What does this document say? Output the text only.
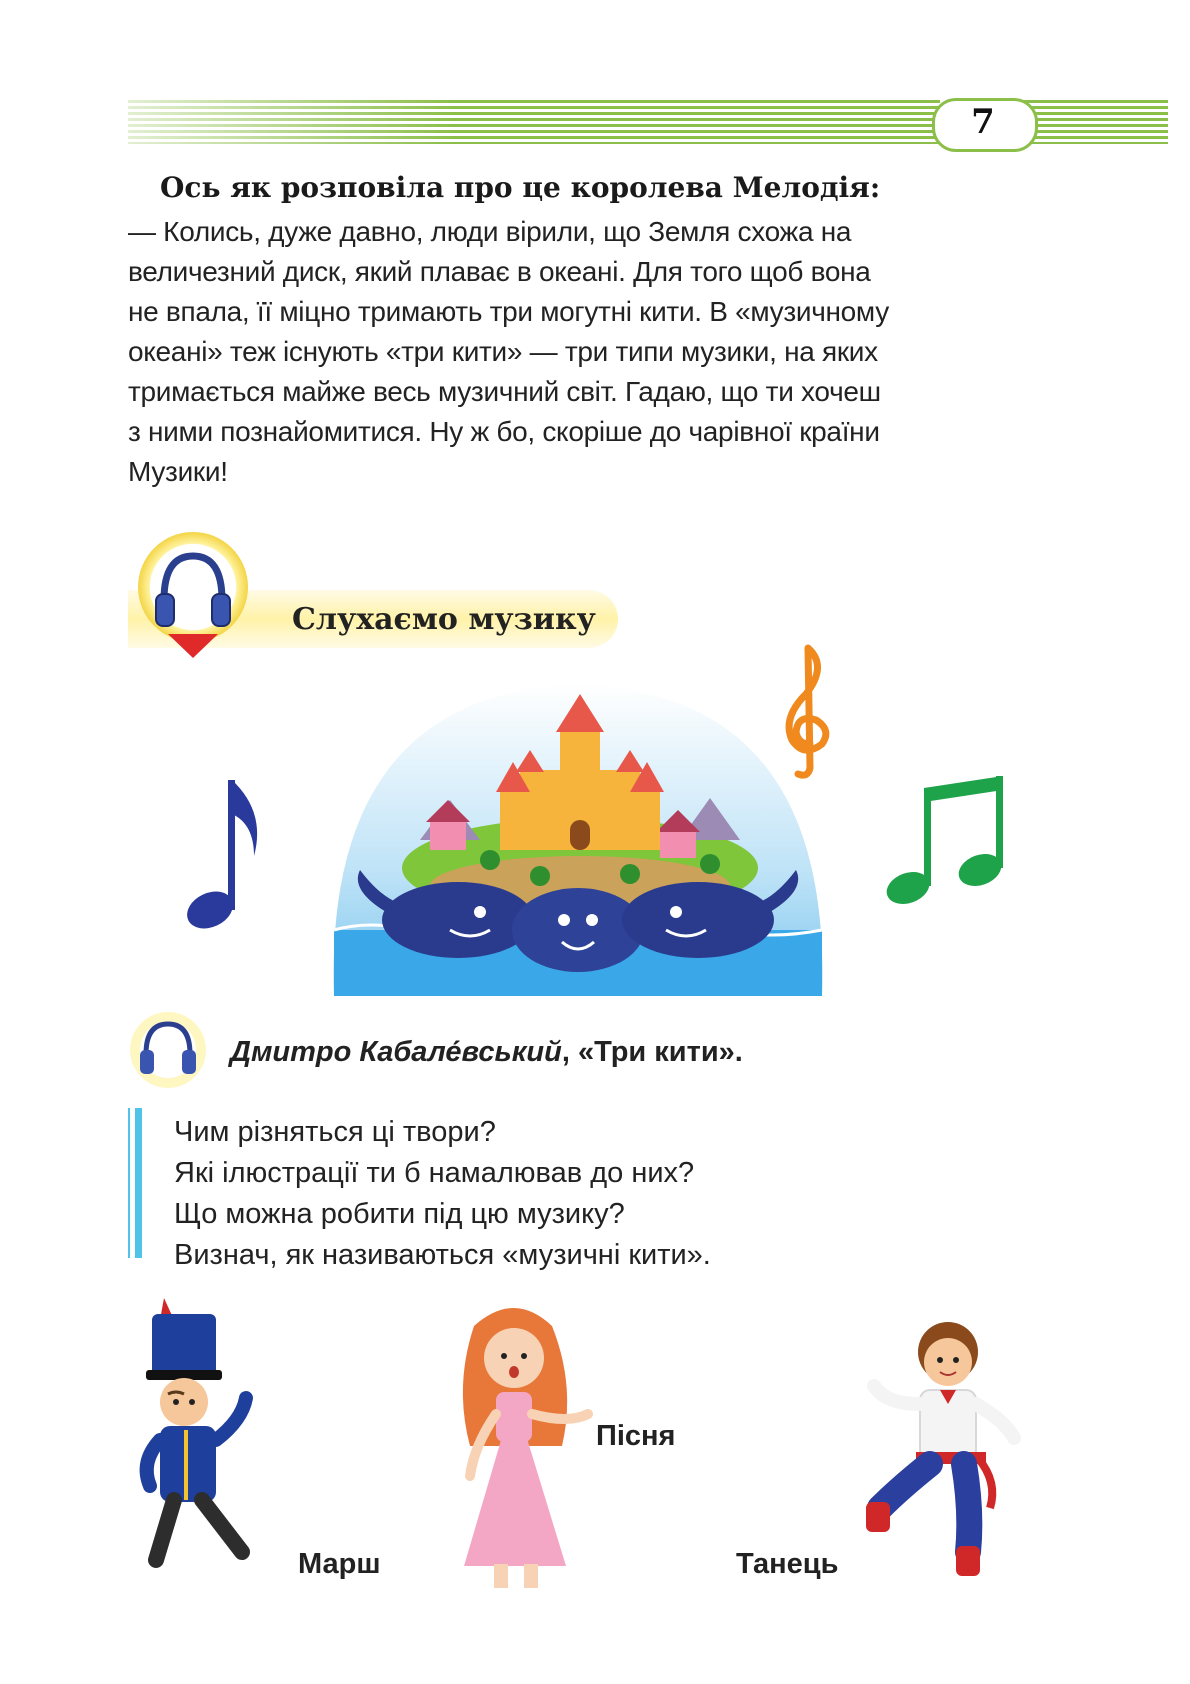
7
Ось як розповіла про це королева Мелодія:

— Колись, дуже давно, люди вірили, що Земля схожа на

величезний диск, який плаває в океані. Для того щоб вона

не впала, її міцно тримають три могутні кити. В «музичному

океані» теж існують «три кити» — три типи музики, на яких

тримається майже весь музичний світ. Гадаю, що ти хочеш

з ними познайомитися. Ну ж бо, скоріше до чарівної країни

Музики!

Слухаємо музику
Дмитро Кабале́вський, «Три кити».
Чим різняться ці твори?
Які ілюстрації ти б намалював до них?
Що можна робити під цю музику?
Визнач, як називаються «музичні кити».
Марш
Пісня
Танець
